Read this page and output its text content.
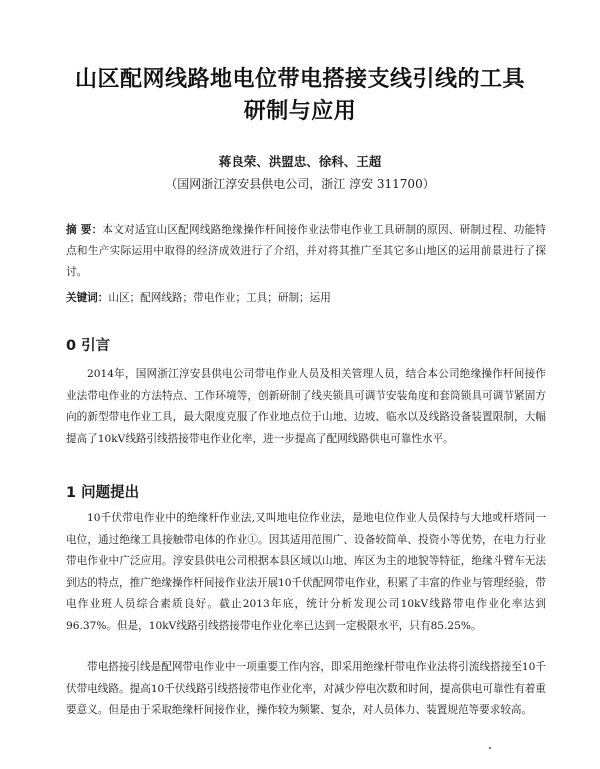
山区配网线路地电位带电搭接支线引线的工具
研制与应用
蒋良荣、洪盟忠、徐科、王超
（国网浙江淳安县供电公司，浙江 淳安 311700）
摘 要：本文对适宜山区配网线路绝缘操作杆间接作业法带电作业工具研制的原因、研制过程、功能特点和生产实际运用中取得的经济成效进行了介绍，并对将其推广至其它多山地区的运用前景进行了探讨。
关键词：山区；配网线路；带电作业；工具；研制；运用
0 引言
2014年，国网浙江淳安县供电公司带电作业人员及相关管理人员，结合本公司绝缘操作杆间接作业法带电作业的方法特点、工作环境等，创新研制了线夹锁具可调节安装角度和套筒锁具可调节紧固方向的新型带电作业工具，最大限度克服了作业地点位于山地、边坡、临水以及线路设备装置限制，大幅提高了10kV线路引线搭接带电作业化率，进一步提高了配网线路供电可靠性水平。
1 问题提出
10千伏带电作业中的绝缘杆作业法,又叫地电位作业法，是地电位作业人员保持与大地或杆塔同一电位，通过绝缘工具接触带电体的作业①。因其适用范围广、设备较简单、投资小等优势，在电力行业带电作业中广泛应用。淳安县供电公司根据本县区域以山地、库区为主的地貌等特征，绝缘斗臂车无法到达的特点，推广绝缘操作杆间接作业法开展10千伏配网带电作业，积累了丰富的作业与管理经验，带电作业班人员综合素质良好。截止2013年底，统计分析发现公司10kV线路带电作业化率达到96.37%。但是，10kV线路引线搭接带电作业化率已达到一定极限水平，只有85.25%。
带电搭接引线是配网带电作业中一项重要工作内容，即采用绝缘杆带电作业法将引流线搭接至10千伏带电线路。提高10千伏线路引线搭接带电作业化率，对减少停电次数和时间，提高供电可靠性有着重要意义。但是由于采取绝缘杆间接作业，操作较为频繁、复杂，对人员体力、装置规范等要求较高。
